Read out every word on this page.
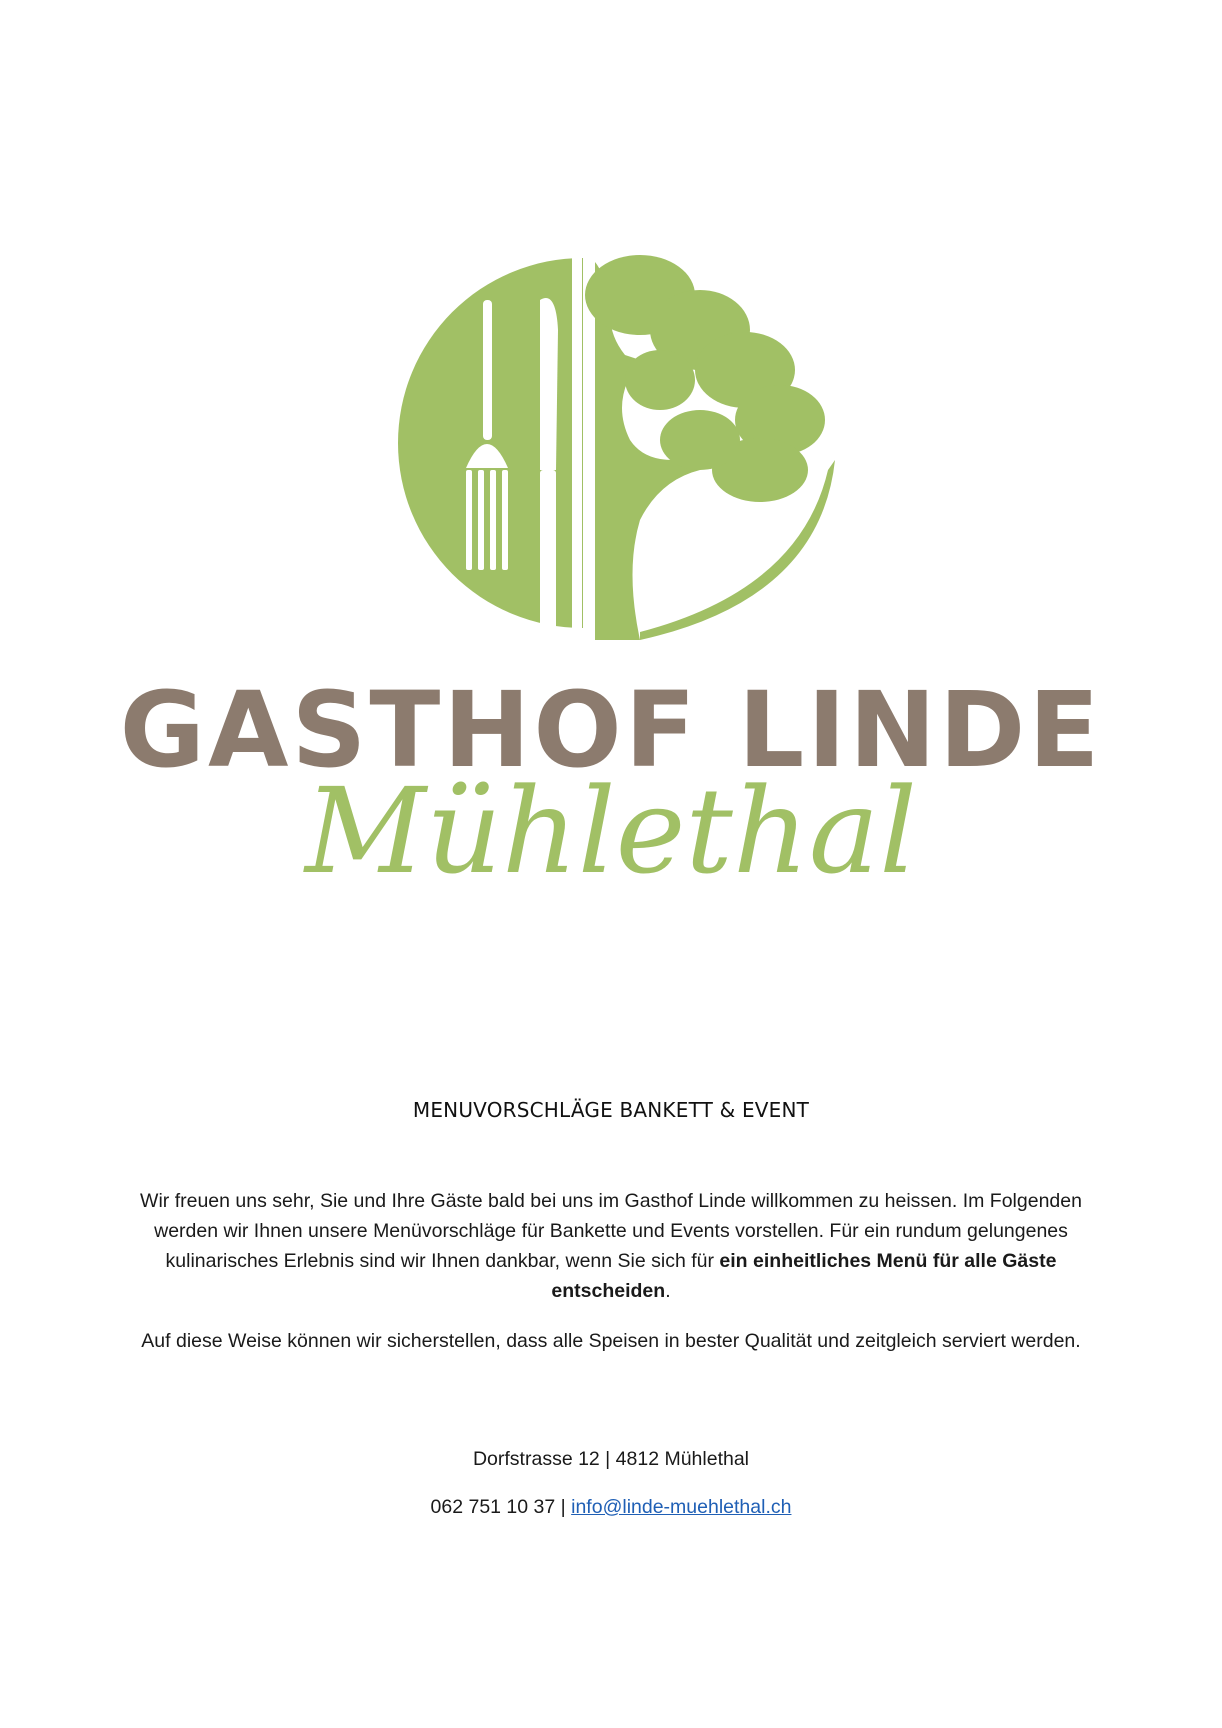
GASTHOF LINDE
Mühlethal
MENUVORSCHLÄGE BANKETT & EVENT

Wir freuen uns sehr, Sie und Ihre Gäste bald bei uns im Gasthof Linde willkommen zu heissen. Im Folgenden werden wir Ihnen unsere Menüvorschläge für Bankette und Events vorstellen. Für ein rundum gelungenes kulinarisches Erlebnis sind wir Ihnen dankbar, wenn Sie sich für ein einheitliches Menü für alle Gäste entscheiden.

Auf diese Weise können wir sicherstellen, dass alle Speisen in bester Qualität und zeitgleich serviert werden.

Dorfstrasse 12 | 4812 Mühlethal
062 751 10 37 | info@linde-muehlethal.ch
